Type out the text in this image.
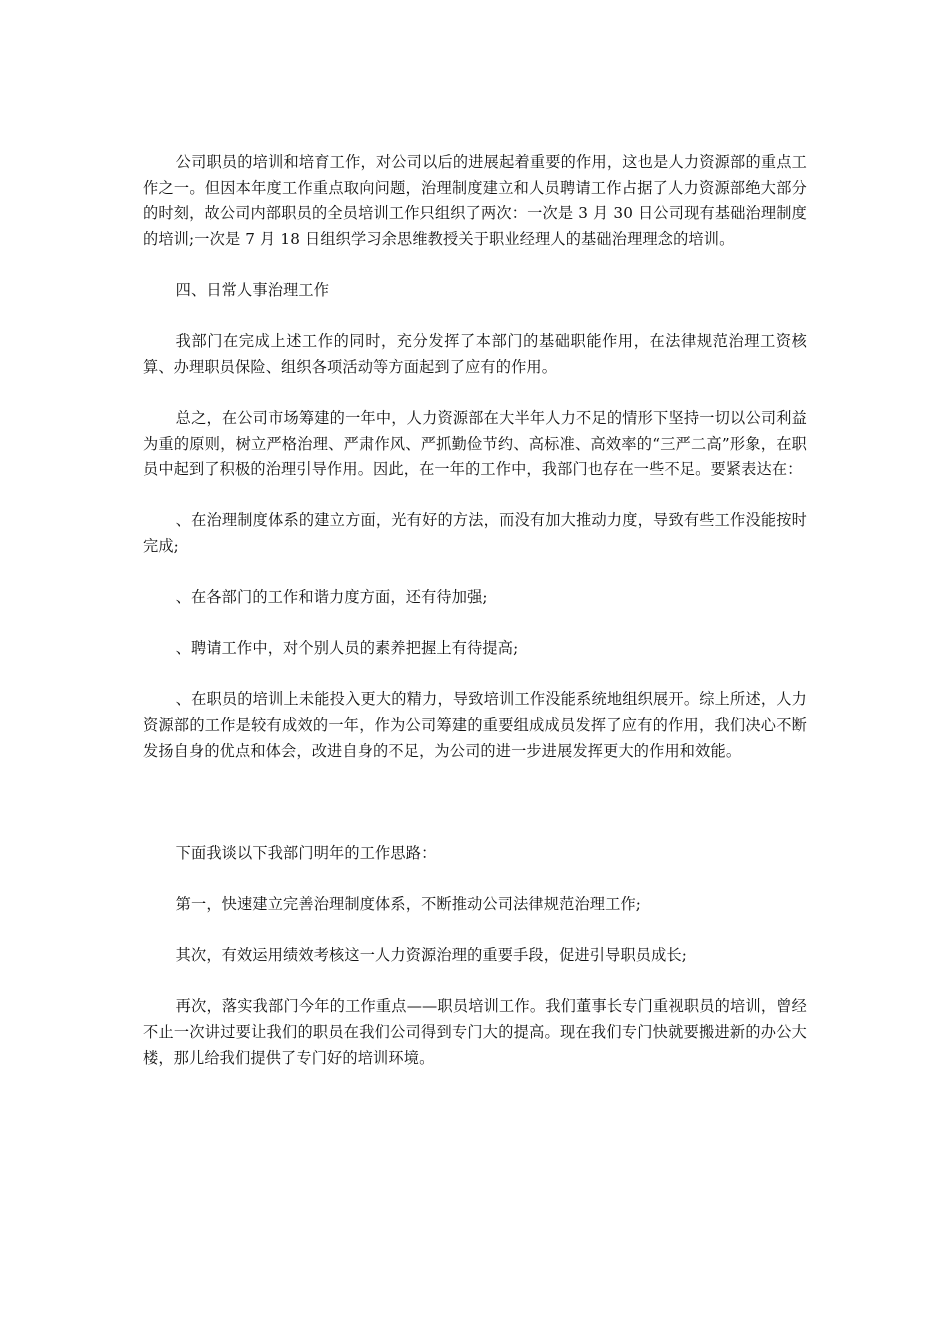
公司职员的培训和培育工作，对公司以后的进展起着重要的作用，这也是人力资源部的重点工作之一。但因本年度工作重点取向问题，治理制度建立和人员聘请工作占据了人力资源部绝大部分的时刻，故公司内部职员的全员培训工作只组织了两次：一次是 3 月 30 日公司现有基础治理制度的培训;一次是 7 月 18 日组织学习余思维教授关于职业经理人的基础治理理念的培训。

四、日常人事治理工作

我部门在完成上述工作的同时，充分发挥了本部门的基础职能作用，在法律规范治理工资核算、办理职员保险、组织各项活动等方面起到了应有的作用。

总之，在公司市场筹建的一年中，人力资源部在大半年人力不足的情形下坚持一切以公司利益为重的原则，树立严格治理、严肃作风、严抓勤俭节约、高标准、高效率的“三严二高”形象，在职员中起到了积极的治理引导作用。因此，在一年的工作中，我部门也存在一些不足。要紧表达在：

、在治理制度体系的建立方面，光有好的方法，而没有加大推动力度，导致有些工作没能按时完成;

、在各部门的工作和谐力度方面，还有待加强;

、聘请工作中，对个别人员的素养把握上有待提高;

、在职员的培训上未能投入更大的精力，导致培训工作没能系统地组织展开。综上所述，人力资源部的工作是较有成效的一年，作为公司筹建的重要组成成员发挥了应有的作用，我们决心不断发扬自身的优点和体会，改进自身的不足，为公司的进一步进展发挥更大的作用和效能。

下面我谈以下我部门明年的工作思路：

第一，快速建立完善治理制度体系，不断推动公司法律规范治理工作;

其次，有效运用绩效考核这一人力资源治理的重要手段，促进引导职员成长;

再次，落实我部门今年的工作重点——职员培训工作。我们董事长专门重视职员的培训，曾经不止一次讲过要让我们的职员在我们公司得到专门大的提高。现在我们专门快就要搬进新的办公大楼，那儿给我们提供了专门好的培训环境。
